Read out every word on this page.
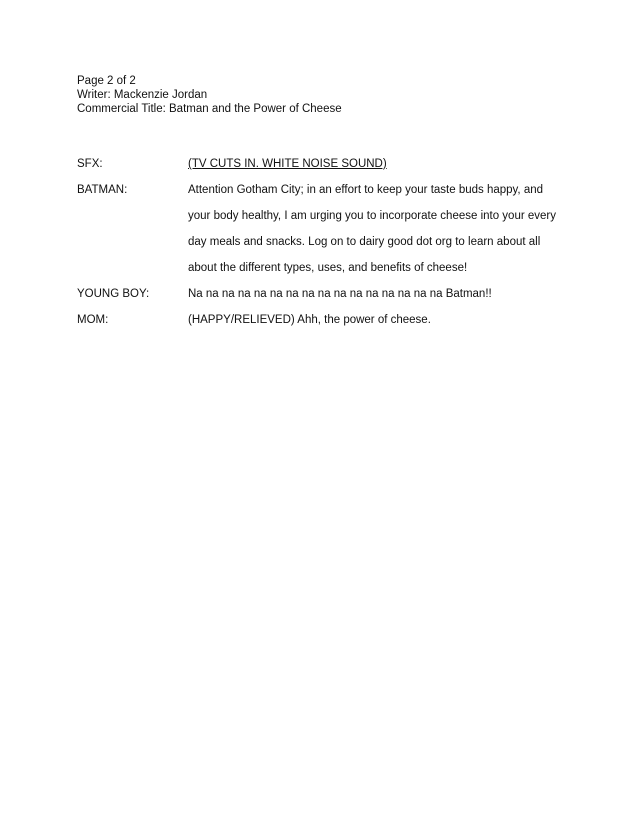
Page 2 of 2
Writer: Mackenzie Jordan
Commercial Title: Batman and the Power of Cheese
SFX:	(TV CUTS IN. WHITE NOISE SOUND)
BATMAN:	Attention Gotham City; in an effort to keep your taste buds happy, and
your body healthy, I am urging you to incorporate cheese into your every
day meals and snacks. Log on to dairy good dot org to learn about all
about the different types, uses, and benefits of cheese!
YOUNG BOY:	Na na na na na na na na na na na na na na na na Batman!!
MOM:	(HAPPY/RELIEVED) Ahh, the power of cheese.
